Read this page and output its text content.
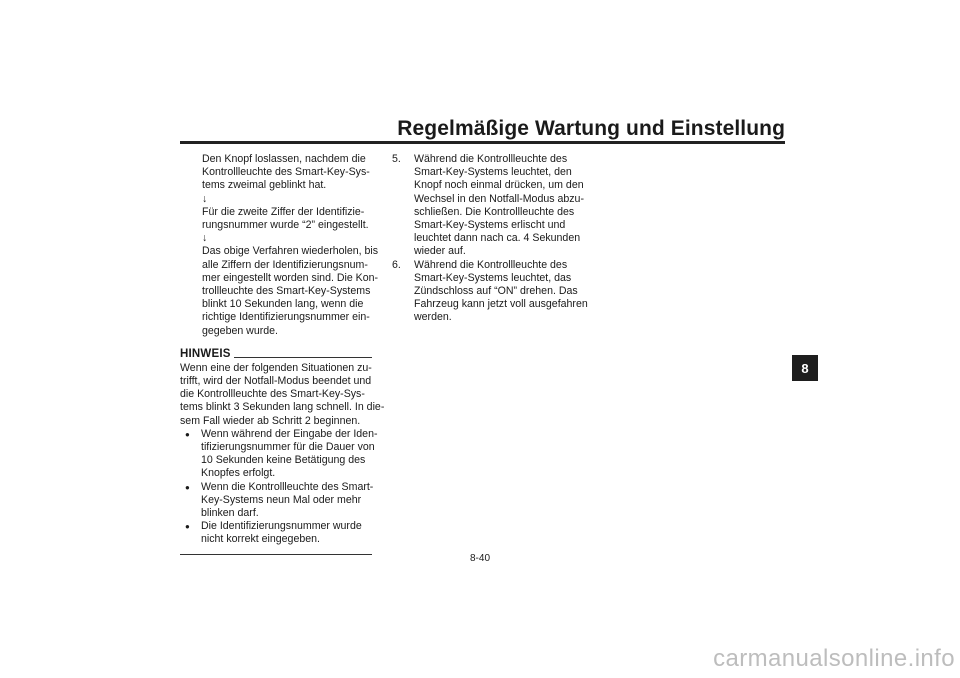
Regelmäßige Wartung und Einstellung
Den Knopf loslassen, nachdem die
Kontrollleuchte des Smart-Key-Sys-
tems zweimal geblinkt hat.
↓
Für die zweite Ziffer der Identifizie-
rungsnummer wurde “2” eingestellt.
↓
Das obige Verfahren wiederholen, bis
alle Ziffern der Identifizierungsnum-
mer eingestellt worden sind. Die Kon-
trollleuchte des Smart-Key-Systems
blinkt 10 Sekunden lang, wenn die
richtige Identifizierungsnummer ein-
gegeben wurde.
HINWEIS
Wenn eine der folgenden Situationen zu-
trifft, wird der Notfall-Modus beendet und
die Kontrollleuchte des Smart-Key-Sys-
tems blinkt 3 Sekunden lang schnell. In die-
sem Fall wieder ab Schritt 2 beginnen.
●	Wenn während der Eingabe der Iden-
tifizierungsnummer für die Dauer von
10 Sekunden keine Betätigung des
Knopfes erfolgt.
●	Wenn die Kontrollleuchte des Smart-
Key-Systems neun Mal oder mehr
blinken darf.
●	Die Identifizierungsnummer wurde
nicht korrekt eingegeben.
5.	Während die Kontrollleuchte des
Smart-Key-Systems leuchtet, den
Knopf noch einmal drücken, um den
Wechsel in den Notfall-Modus abzu-
schließen. Die Kontrollleuchte des
Smart-Key-Systems erlischt und
leuchtet dann nach ca. 4 Sekunden
wieder auf.
6.	Während die Kontrollleuchte des
Smart-Key-Systems leuchtet, das
Zündschloss auf “ON” drehen. Das
Fahrzeug kann jetzt voll ausgefahren
werden.
8
8-40
carmanualsonline.info
